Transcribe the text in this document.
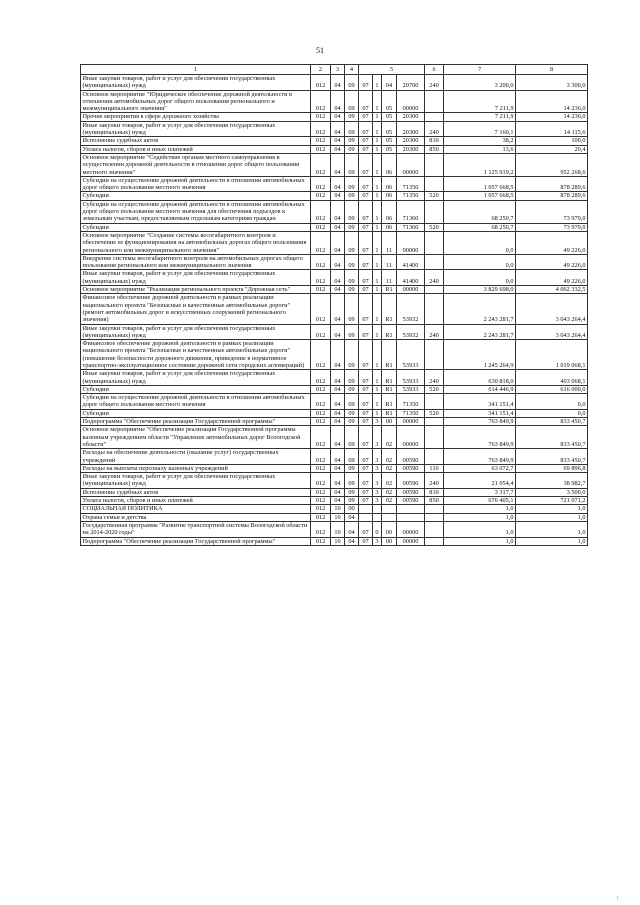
51
1	2	3	4	5				6	7	8
Иные закупки товаров, работ и услуг для обеспечения государственных (муниципальных) нужд	012	04	09	07	1	04	20700	240	3 200,0	3 300,0
Основное мероприятие "Юридическое обеспечение дорожной деятельности в отношении автомобильных дорог общего пользования регионального и межмуниципального значения"	012	04	09	07	1	05	00000		7 211,9	14 236,0
Прочие мероприятия в сфере дорожного хозяйства	012	04	09	07	1	05	20300		7 211,9	14 236,0
Иные закупки товаров, работ и услуг для обеспечения государственных (муниципальных) нужд	012	04	09	07	1	05	20300	240	7 160,1	14 115,6
Исполнение судебных актов	012	04	09	07	1	05	20300	830	38,2	100,0
Уплата налогов, сборов и иных платежей	012	04	09	07	1	05	20300	850	13,6	20,4
Основное мероприятие "Содействие органам местного самоуправления в осуществлении дорожной деятельности в отношении дорог общего пользования местного значения"	012	04	09	07	1	06	00000		1 125 919,2	952 268,6
Субсидии на осуществление дорожной деятельности в отношении автомобильных дорог общего пользования местного значения	012	04	09	07	1	06	71350		1 057 668,5	878 289,6
Субсидии	012	04	09	07	1	06	71350	520	1 057 668,5	878 289,6
Субсидии на осуществление дорожной деятельности в отношении автомобильных дорог общего пользования местного значения для обеспечения подъездов к земельным участкам, предоставляемым отдельным категориям граждан	012	04	09	07	1	06	71360		68 250,7	73 979,0
Субсидии	012	04	09	07	1	06	71360	520	68 250,7	73 979,0
Основное мероприятие "Создание системы весогабаритного контроля и обеспечение ее функционирования на автомобильных дорогах общего пользования регионального или межмуниципального значения"	012	04	09	07	1	11	00000		0,0	49 226,0
Внедрение системы весогабаритного контроля на автомобильных дорогах общего пользования регионального или межмуниципального значения	012	04	09	07	1	11	41400		0,0	49 226,0
Иные закупки товаров, работ и услуг для обеспечения государственных (муниципальных) нужд	012	04	09	07	1	11	41400	240	0,0	49 226,0
Основное мероприятие "Реализация регионального проекта "Дорожная сеть"	012	04	09	07	1	R1	00000		3 829 698,0	4 062 332,5
Финансовое обеспечение дорожной деятельности в рамках реализации национального проекта "Безопасные и качественные автомобильные дороги" (ремонт автомобильных дорог и искусственных сооружений регионального значения)	012	04	09	07	1	R1	53932		2 243 281,7	3 043 264,4
Иные закупки товаров, работ и услуг для обеспечения государственных (муниципальных) нужд	012	04	09	07	1	R1	53932	240	2 243 281,7	3 043 264,4
Финансовое обеспечение дорожной деятельности в рамках реализации национального проекта "Безопасные и качественные автомобильные дороги" (повышение безопасности дорожного движения, приведение в нормативное транспортно-эксплуатационное состояние дорожной сети городских агломераций)	012	04	09	07	1	R1	53933		1 245 264,9	1 019 068,1
Иные закупки товаров, работ и услуг для обеспечения государственных (муниципальных) нужд	012	04	09	07	1	R1	53933	240	630 818,0	403 068,1
Субсидии	012	04	09	07	1	R1	53933	520	614 446,9	616 000,0
Субсидии на осуществление дорожной деятельности в отношении автомобильных дорог общего пользования местного значения	012	04	09	07	1	R1	71350		341 151,4	0,0
Субсидии	012	04	09	07	1	R1	71350	520	341 151,4	0,0
Подпрограмма "Обеспечение реализации Государственной программы"	012	04	09	07	3	00	00000		763 849,9	833 450,7
Основное мероприятие "Обеспечение реализации Государственной программы казенным учреждением области "Управление автомобильных дорог Вологодской области"	012	04	09	07	3	02	00000		763 849,9	833 450,7
Расходы на обеспечение деятельности (оказание услуг) государственных учреждений	012	04	09	07	3	02	00590		763 849,9	833 450,7
Расходы на выплаты персоналу казенных учреждений	012	04	09	07	3	02	00590	110	63 072,7	69 896,8
Иные закупки товаров, работ и услуг для обеспечения государственных (муниципальных) нужд	012	04	09	07	3	02	00590	240	21 054,4	38 982,7
Исполнение судебных актов	012	04	09	07	3	02	00590	830	3 317,7	3 500,0
Уплата налогов, сборов и иных платежей	012	04	09	07	3	02	00590	850	676 405,1	721 071,2
СОЦИАЛЬНАЯ ПОЛИТИКА	012	10	00						1,0	1,0
Охрана семьи и детства	012	10	04						1,0	1,0
Государственная программа "Развитие транспортной системы Вологодской области на 2014-2020 годы"	012	10	04	07	0	00	00000		1,0	1,0
Подпрограмма "Обеспечение реализации Государственной программы"	012	10	04	07	3	00	00000		1,0	1,0
↑
